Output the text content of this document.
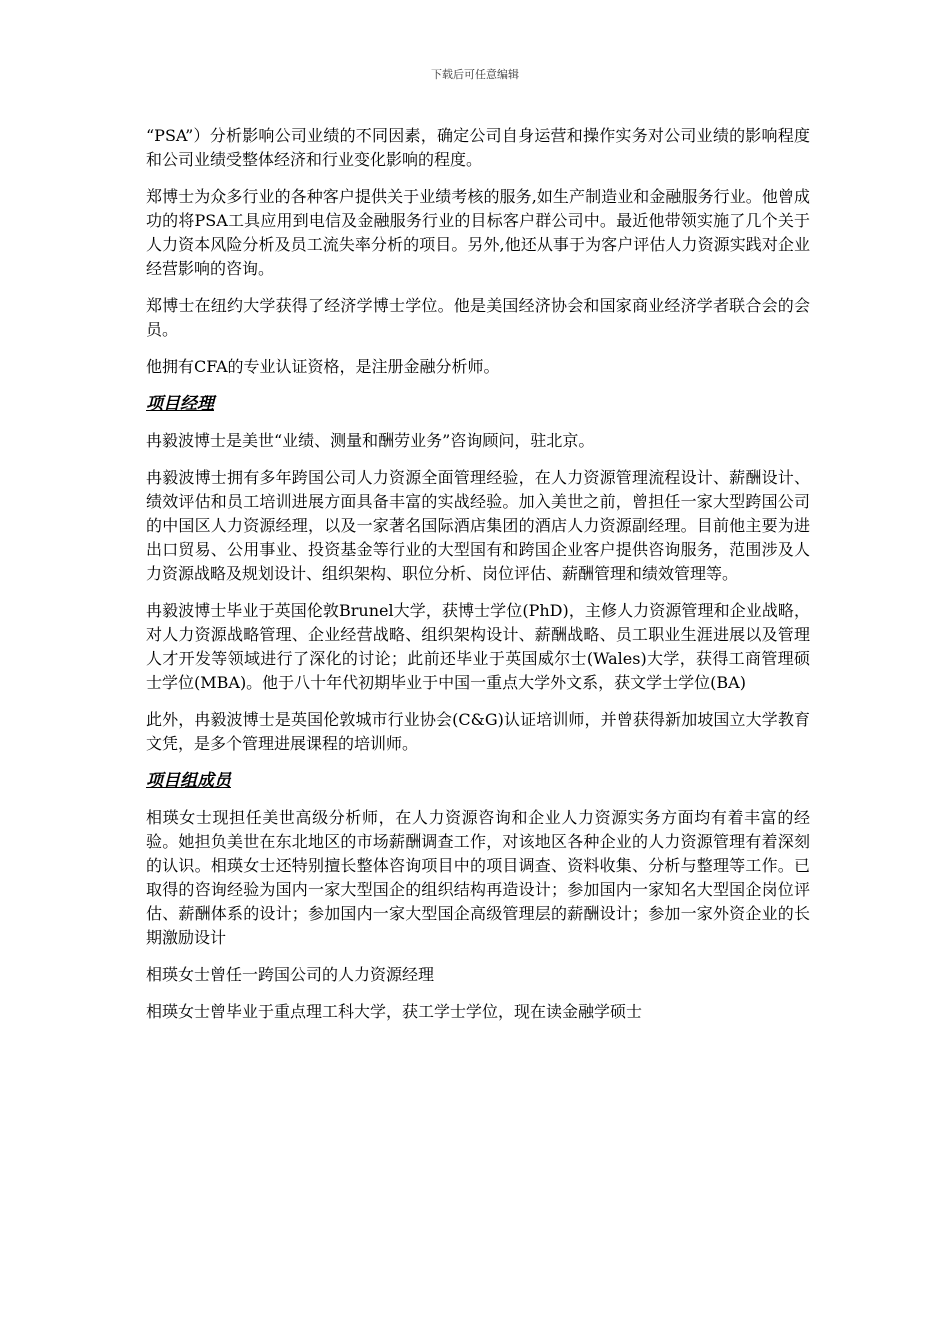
下载后可任意编辑

“PSA”）分析影响公司业绩的不同因素，确定公司自身运营和操作实务对公司业绩的影响程度和公司业绩受整体经济和行业变化影响的程度。

郑博士为众多行业的各种客户提供关于业绩考核的服务,如生产制造业和金融服务行业。他曾成功的将PSA工具应用到电信及金融服务行业的目标客户群公司中。最近他带领实施了几个关于人力资本风险分析及员工流失率分析的项目。另外,他还从事于为客户评估人力资源实践对企业经营影响的咨询。

郑博士在纽约大学获得了经济学博士学位。他是美国经济协会和国家商业经济学者联合会的会员。

他拥有CFA的专业认证资格，是注册金融分析师。

项目经理

冉毅波博士是美世“业绩、测量和酬劳业务”咨询顾问，驻北京。

冉毅波博士拥有多年跨国公司人力资源全面管理经验，在人力资源管理流程设计、薪酬设计、绩效评估和员工培训进展方面具备丰富的实战经验。加入美世之前，曾担任一家大型跨国公司的中国区人力资源经理，以及一家著名国际酒店集团的酒店人力资源副经理。目前他主要为进出口贸易、公用事业、投资基金等行业的大型国有和跨国企业客户提供咨询服务，范围涉及人力资源战略及规划设计、组织架构、职位分析、岗位评估、薪酬管理和绩效管理等。

冉毅波博士毕业于英国伦敦Brunel大学，获博士学位(PhD)，主修人力资源管理和企业战略，对人力资源战略管理、企业经营战略、组织架构设计、薪酬战略、员工职业生涯进展以及管理人才开发等领域进行了深化的讨论；此前还毕业于英国威尔士(Wales)大学，获得工商管理硕士学位(MBA)。他于八十年代初期毕业于中国一重点大学外文系，获文学士学位(BA)

此外，冉毅波博士是英国伦敦城市行业协会(C&G)认证培训师，并曾获得新加坡国立大学教育文凭，是多个管理进展课程的培训师。

项目组成员

相瑛女士现担任美世高级分析师，在人力资源咨询和企业人力资源实务方面均有着丰富的经验。她担负美世在东北地区的市场薪酬调查工作，对该地区各种企业的人力资源管理有着深刻的认识。相瑛女士还特别擅长整体咨询项目中的项目调查、资料收集、分析与整理等工作。已取得的咨询经验为国内一家大型国企的组织结构再造设计；参加国内一家知名大型国企岗位评估、薪酬体系的设计；参加国内一家大型国企高级管理层的薪酬设计；参加一家外资企业的长期激励设计

相瑛女士曾任一跨国公司的人力资源经理

相瑛女士曾毕业于重点理工科大学，获工学士学位，现在读金融学硕士
